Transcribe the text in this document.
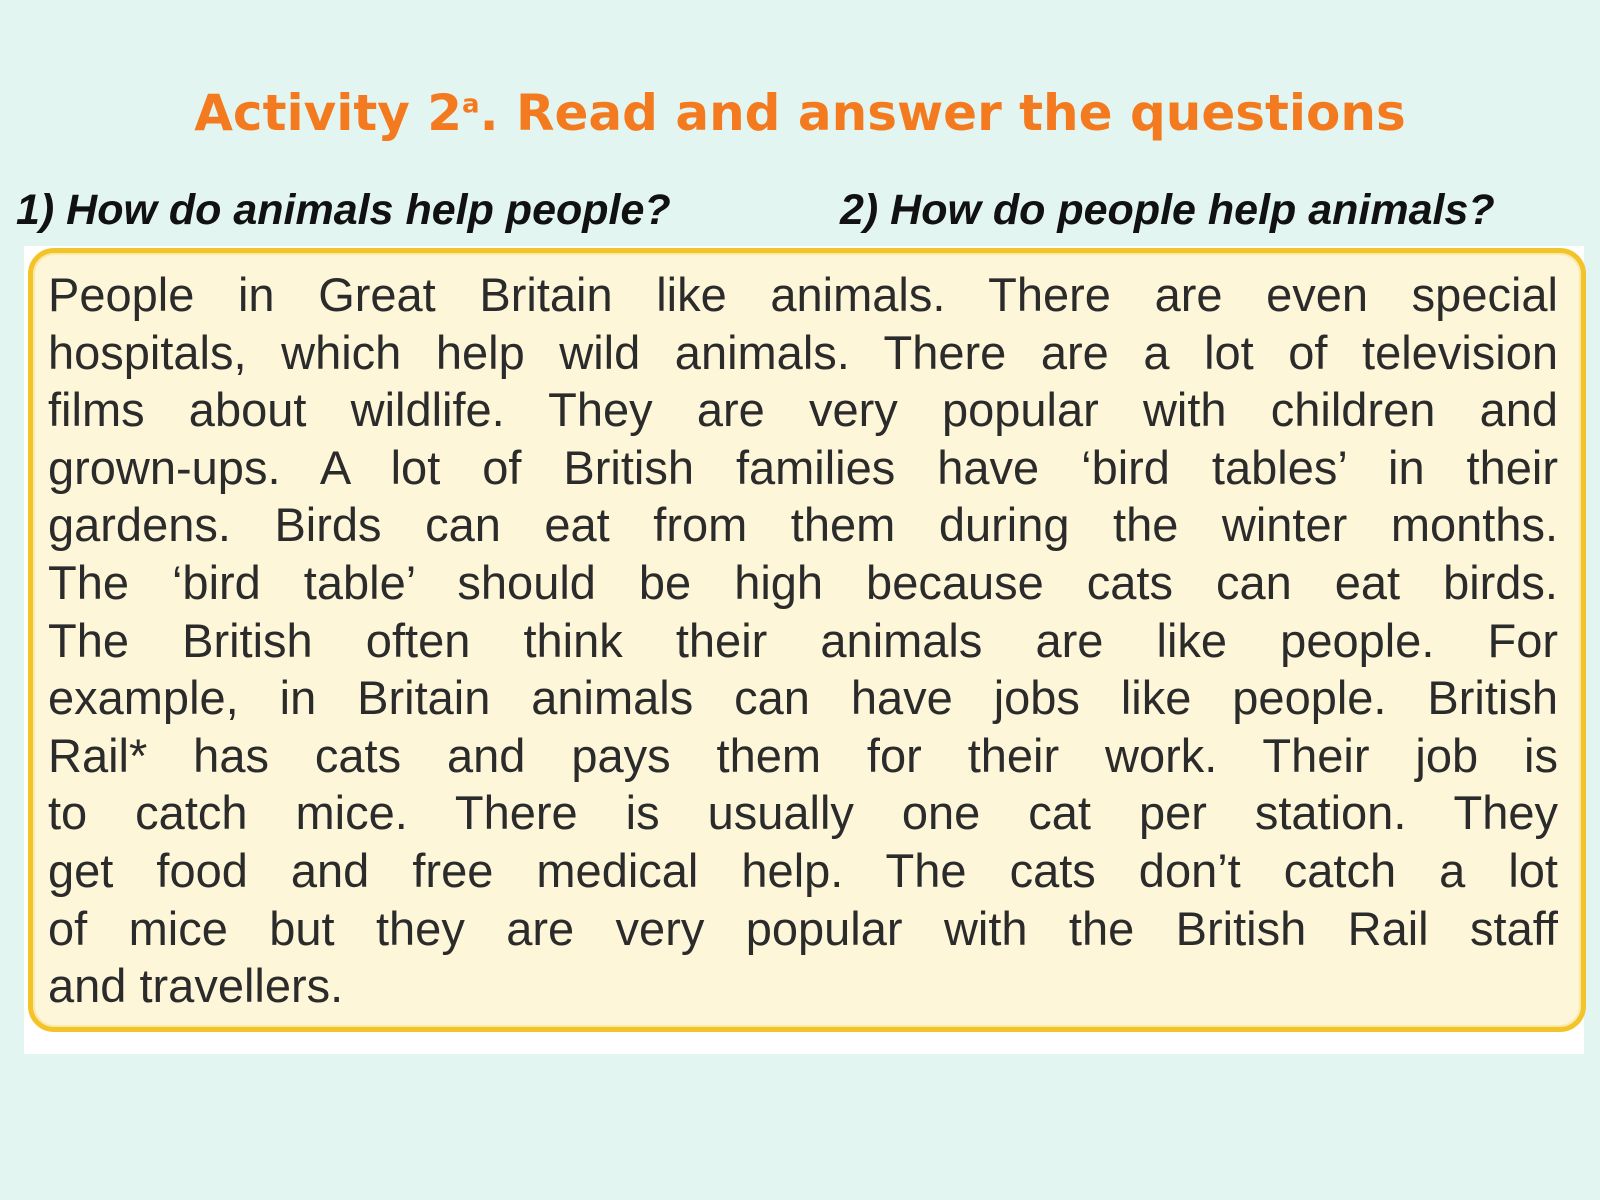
Activity 2$^a$. Read and answer the questions

1) How do animals help people?	2) How do people help animals?

People in Great Britain like animals. There are even special
hospitals, which help wild animals. There are a lot of television
films about wildlife. They are very popular with children and
grown-ups. A lot of British families have ‘bird tables’ in their
gardens. Birds can eat from them during the winter months.
The ‘bird table’ should be high because cats can eat birds.
The British often think their animals are like people. For
example, in Britain animals can have jobs like people. British
Rail* has cats and pays them for their work. Their job is
to catch mice. There is usually one cat per station. They
get food and free medical help. The cats don’t catch a lot
of mice but they are very popular with the British Rail staff
and travellers.
